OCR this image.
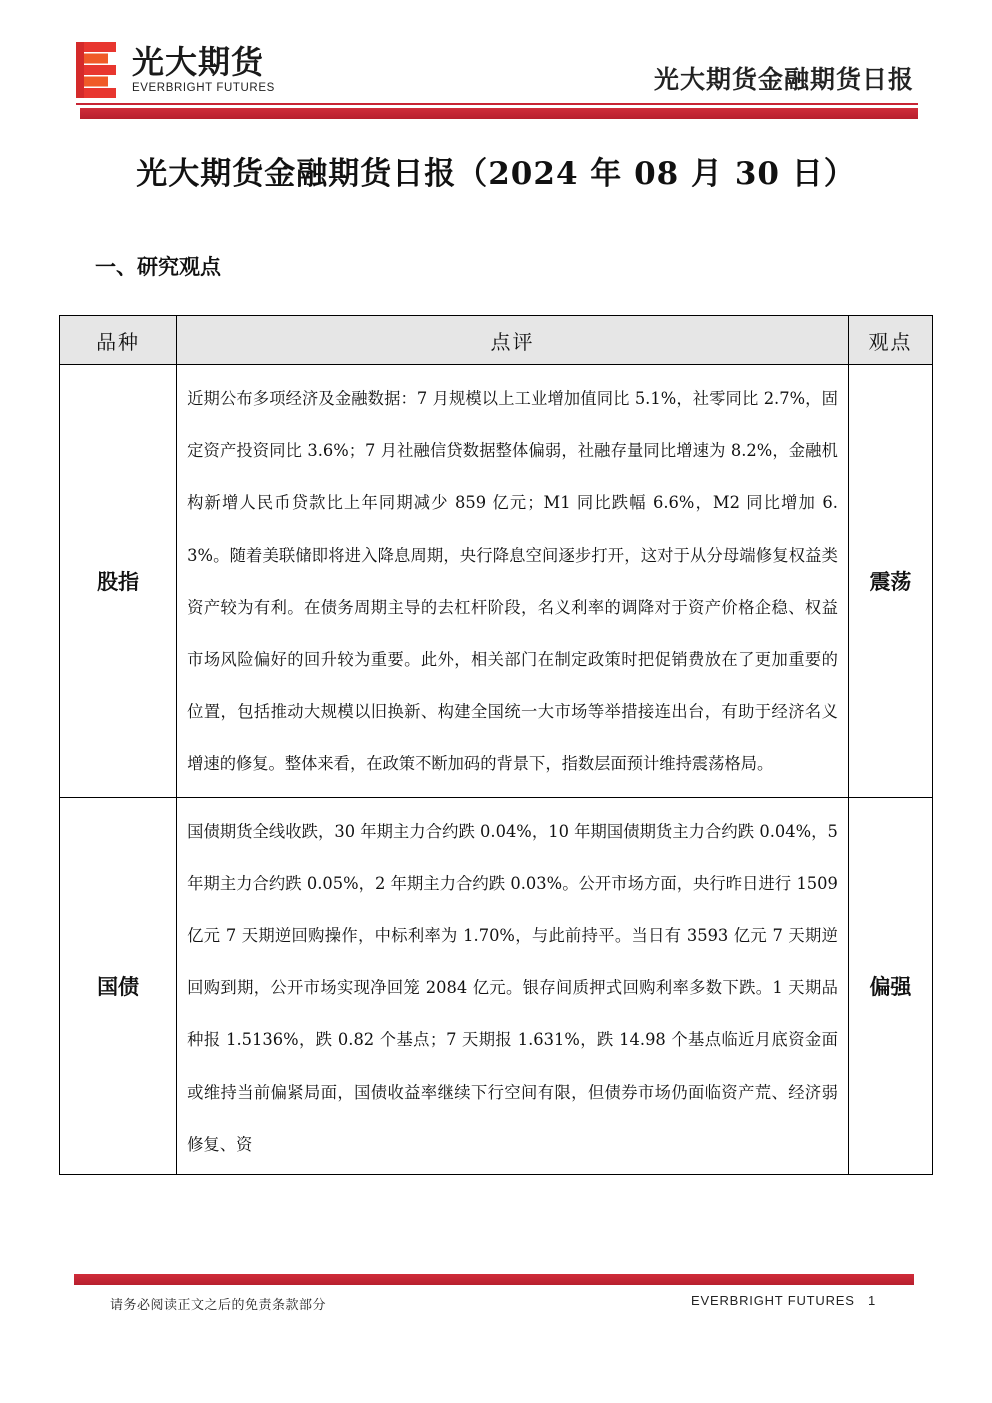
光大期货
EVERBRIGHT FUTURES	光大期货金融期货日报
光大期货金融期货日报（2024 年 08 月 30 日）
一、研究观点
品种	点评	观点
股指	近期公布多项经济及金融数据：7 月规模以上工业增加值同比 5.1%，社零同比 2.7%，固定资产投资同比 3.6%；7 月社融信贷数据整体偏弱，社融存量同比增速为 8.2%，金融机构新增人民币贷款比上年同期减少 859 亿元；M1 同比跌幅 6.6%，M2 同比增加 6.3%。随着美联储即将进入降息周期，央行降息空间逐步打开，这对于从分母端修复权益类资产较为有利。在债务周期主导的去杠杆阶段，名义利率的调降对于资产价格企稳、权益市场风险偏好的回升较为重要。此外，相关部门在制定政策时把促销费放在了更加重要的位置，包括推动大规模以旧换新、构建全国统一大市场等举措接连出台，有助于经济名义增速的修复。整体来看，在政策不断加码的背景下，指数层面预计维持震荡格局。	震荡
国债	国债期货全线收跌，30 年期主力合约跌 0.04%，10 年期国债期货主力合约跌 0.04%，5 年期主力合约跌 0.05%，2 年期主力合约跌 0.03%。公开市场方面，央行昨日进行 1509 亿元 7 天期逆回购操作，中标利率为 1.70%，与此前持平。当日有 3593 亿元 7 天期逆回购到期，公开市场实现净回笼 2084 亿元。银存间质押式回购利率多数下跌。1 天期品种报 1.5136%，跌 0.82 个基点；7 天期报 1.631%，跌 14.98 个基点临近月底资金面或维持当前偏紧局面，国债收益率继续下行空间有限，但债券市场仍面临资产荒、经济弱修复、资	偏强
请务必阅读正文之后的免责条款部分	EVERBRIGHT FUTURES 1
